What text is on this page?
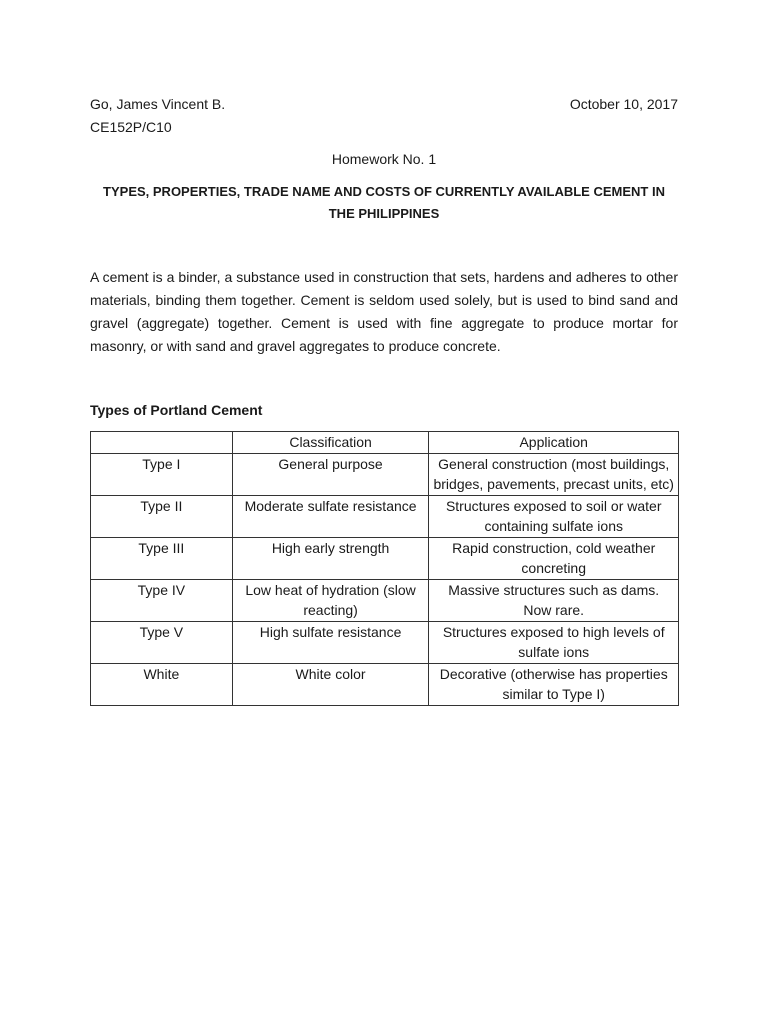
Go, James Vincent B.	October 10, 2017
CE152P/C10
Homework No. 1
TYPES, PROPERTIES, TRADE NAME AND COSTS OF CURRENTLY AVAILABLE CEMENT IN
THE PHILIPPINES

A cement is a binder, a substance used in construction that sets, hardens and adheres to other materials, binding them together. Cement is seldom used solely, but is used to bind sand and gravel (aggregate) together. Cement is used with fine aggregate to produce mortar for masonry, or with sand and gravel aggregates to produce concrete.

Types of Portland Cement
	Classification	Application
Type I	General purpose	General construction (most buildings, bridges, pavements, precast units, etc)
Type II	Moderate sulfate resistance	Structures exposed to soil or water containing sulfate ions
Type III	High early strength	Rapid construction, cold weather concreting
Type IV	Low heat of hydration (slow reacting)	Massive structures such as dams. Now rare.
Type V	High sulfate resistance	Structures exposed to high levels of sulfate ions
White	White color	Decorative (otherwise has properties similar to Type I)
